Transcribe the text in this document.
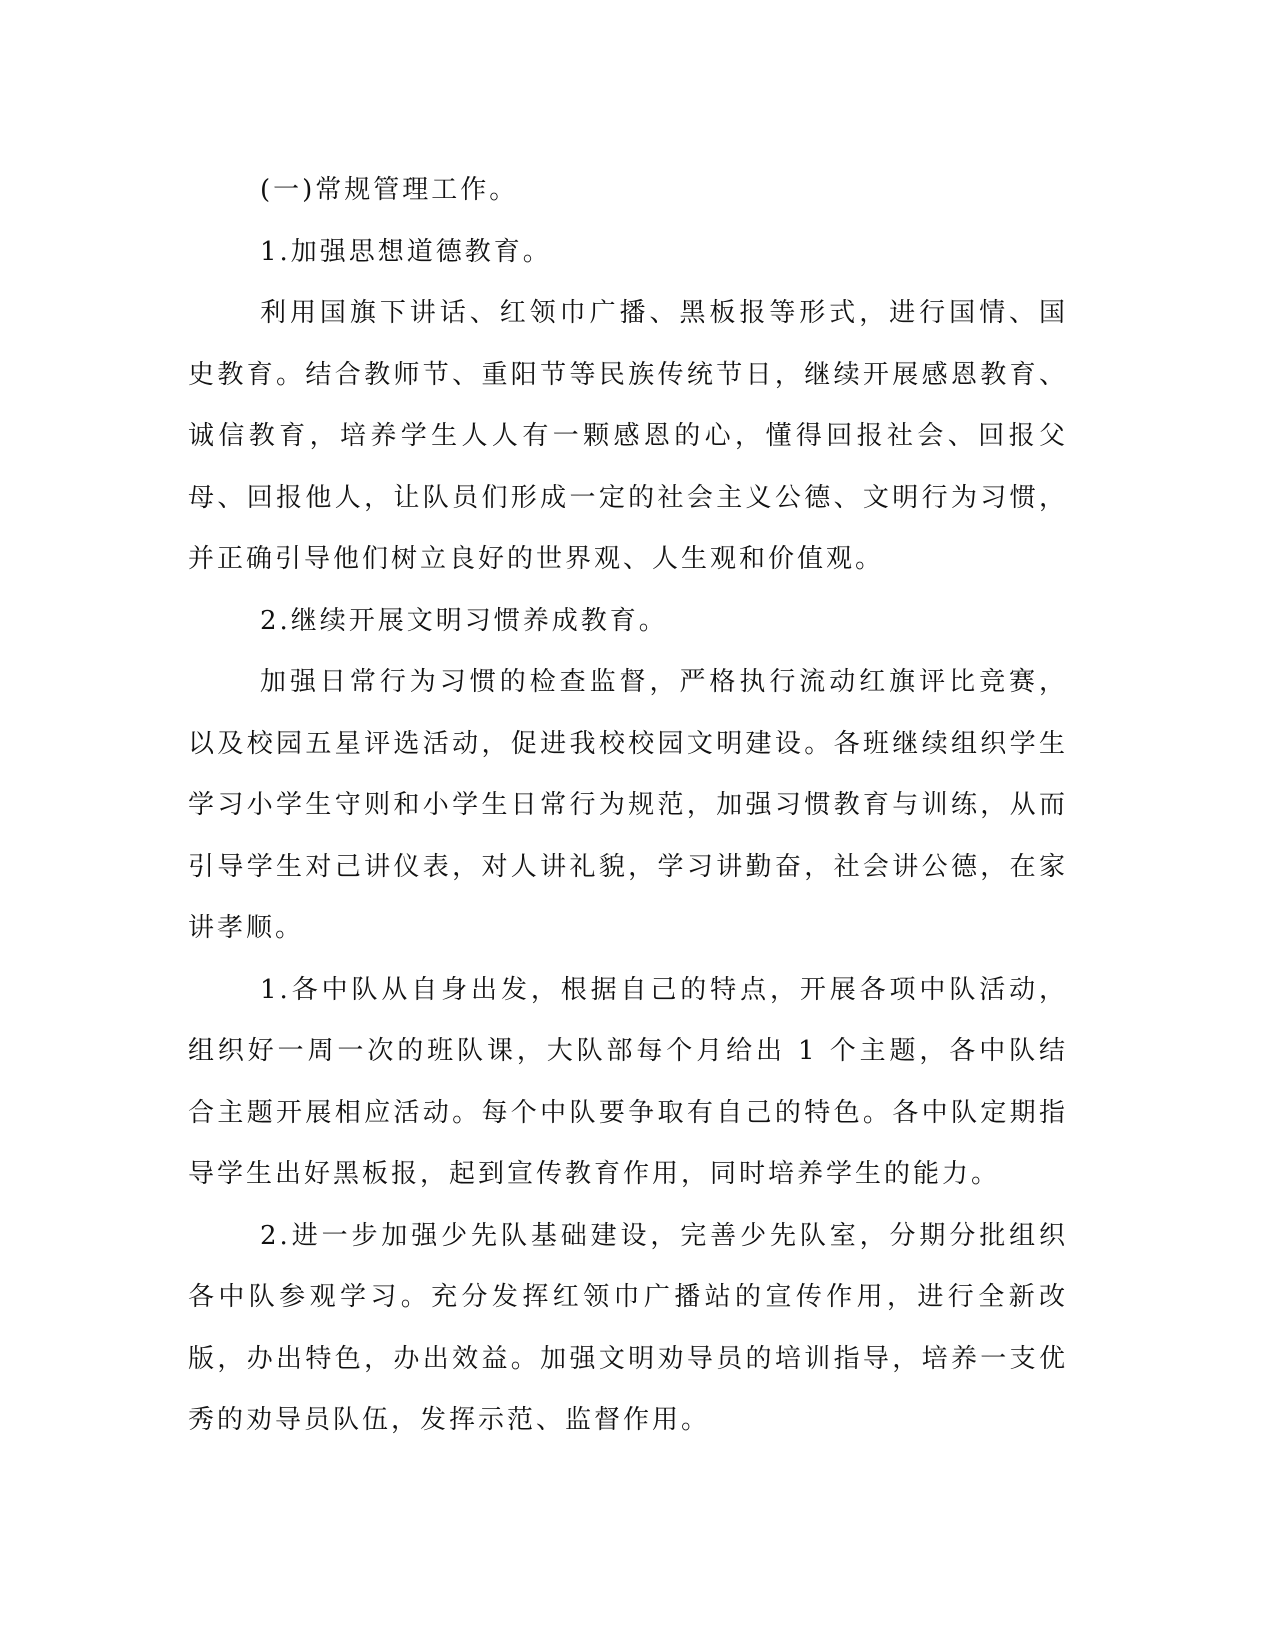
(一)常规管理工作。

1.加强思想道德教育。

利用国旗下讲话、红领巾广播、黑板报等形式，进行国情、国史教育。结合教师节、重阳节等民族传统节日，继续开展感恩教育、诚信教育，培养学生人人有一颗感恩的心，懂得回报社会、回报父母、回报他人，让队员们形成一定的社会主义公德、文明行为习惯，并正确引导他们树立良好的世界观、人生观和价值观。

2.继续开展文明习惯养成教育。

加强日常行为习惯的检查监督，严格执行流动红旗评比竞赛，以及校园五星评选活动，促进我校校园文明建设。各班继续组织学生学习小学生守则和小学生日常行为规范，加强习惯教育与训练，从而引导学生对己讲仪表，对人讲礼貌，学习讲勤奋，社会讲公德，在家讲孝顺。

1.各中队从自身出发，根据自己的特点，开展各项中队活动，组织好一周一次的班队课，大队部每个月给出 1 个主题，各中队结合主题开展相应活动。每个中队要争取有自己的特色。各中队定期指导学生出好黑板报，起到宣传教育作用，同时培养学生的能力。

2.进一步加强少先队基础建设，完善少先队室，分期分批组织各中队参观学习。充分发挥红领巾广播站的宣传作用，进行全新改版，办出特色，办出效益。加强文明劝导员的培训指导，培养一支优秀的劝导员队伍，发挥示范、监督作用。
